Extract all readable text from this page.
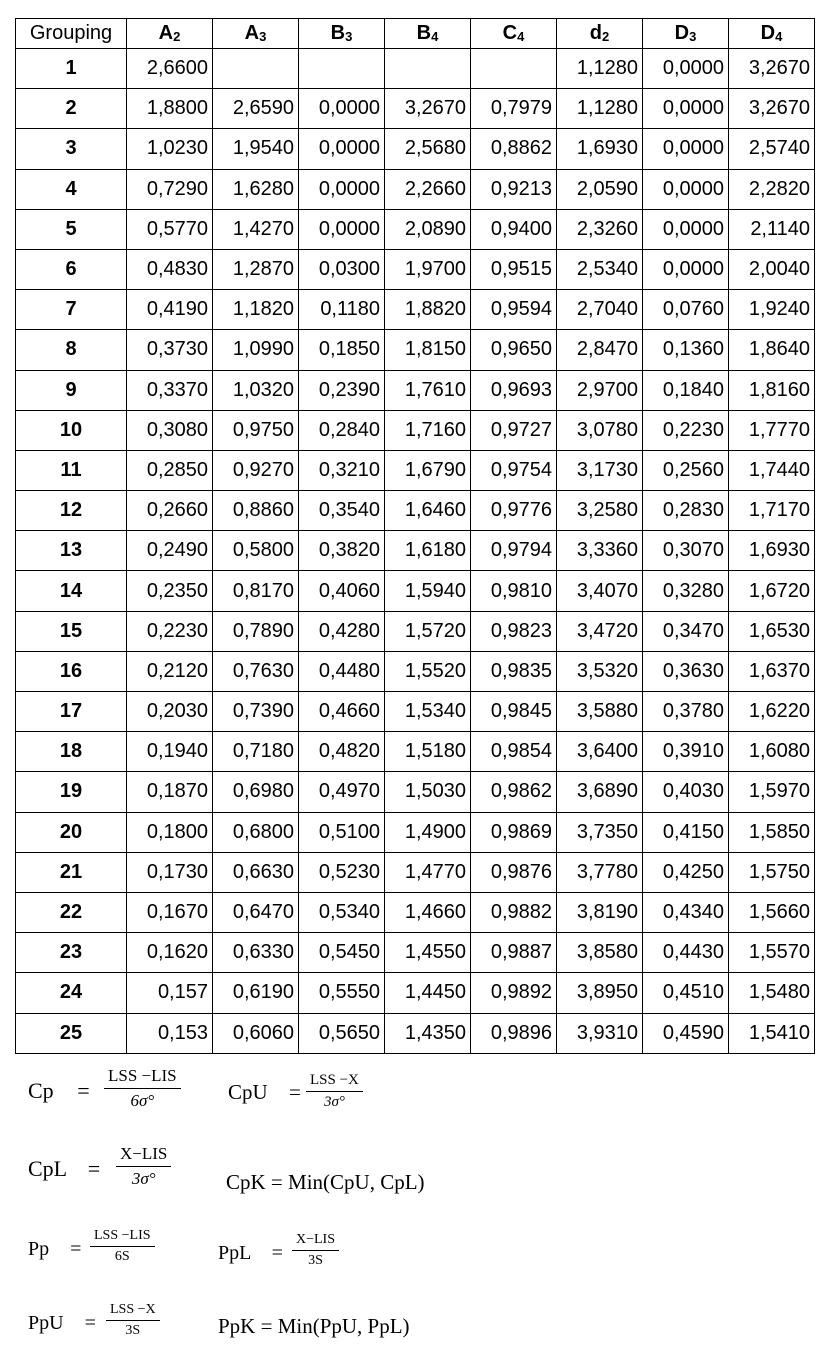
Grouping	$A_2$	$A_3$	$B_3$	$B_4$	$C_4$	$d_2$	$D_3$	$D_4$
1	2,6600					1,1280	0,0000	3,2670
2	1,8800	2,6590	0,0000	3,2670	0,7979	1,1280	0,0000	3,2670
3	1,0230	1,9540	0,0000	2,5680	0,8862	1,6930	0,0000	2,5740
4	0,7290	1,6280	0,0000	2,2660	0,9213	2,0590	0,0000	2,2820
5	0,5770	1,4270	0,0000	2,0890	0,9400	2,3260	0,0000	2,1140
6	0,4830	1,2870	0,0300	1,9700	0,9515	2,5340	0,0000	2,0040
7	0,4190	1,1820	0,1180	1,8820	0,9594	2,7040	0,0760	1,9240
8	0,3730	1,0990	0,1850	1,8150	0,9650	2,8470	0,1360	1,8640
9	0,3370	1,0320	0,2390	1,7610	0,9693	2,9700	0,1840	1,8160
10	0,3080	0,9750	0,2840	1,7160	0,9727	3,0780	0,2230	1,7770
11	0,2850	0,9270	0,3210	1,6790	0,9754	3,1730	0,2560	1,7440
12	0,2660	0,8860	0,3540	1,6460	0,9776	3,2580	0,2830	1,7170
13	0,2490	0,5800	0,3820	1,6180	0,9794	3,3360	0,3070	1,6930
14	0,2350	0,8170	0,4060	1,5940	0,9810	3,4070	0,3280	1,6720
15	0,2230	0,7890	0,4280	1,5720	0,9823	3,4720	0,3470	1,6530
16	0,2120	0,7630	0,4480	1,5520	0,9835	3,5320	0,3630	1,6370
17	0,2030	0,7390	0,4660	1,5340	0,9845	3,5880	0,3780	1,6220
18	0,1940	0,7180	0,4820	1,5180	0,9854	3,6400	0,3910	1,6080
19	0,1870	0,6980	0,4970	1,5030	0,9862	3,6890	0,4030	1,5970
20	0,1800	0,6800	0,5100	1,4900	0,9869	3,7350	0,4150	1,5850
21	0,1730	0,6630	0,5230	1,4770	0,9876	3,7780	0,4250	1,5750
22	0,1670	0,6470	0,5340	1,4660	0,9882	3,8190	0,4340	1,5660
23	0,1620	0,6330	0,5450	1,4550	0,9887	3,8580	0,4430	1,5570
24	0,157	0,6190	0,5550	1,4450	0,9892	3,8950	0,4510	1,5480
25	0,153	0,6060	0,5650	1,4350	0,9896	3,9310	0,4590	1,5410
Cp =
LSS −LIS
6σ°	CpU = LSS −X
3σ°
CpL =
X−LIS
3σ°	CpK = Min(CpU, CpL)
Pp =
LSS −LIS
6S	PpL =
X−LIS
3S
PpU =
LSS −X
3S	PpK = Min(PpU, PpL)
